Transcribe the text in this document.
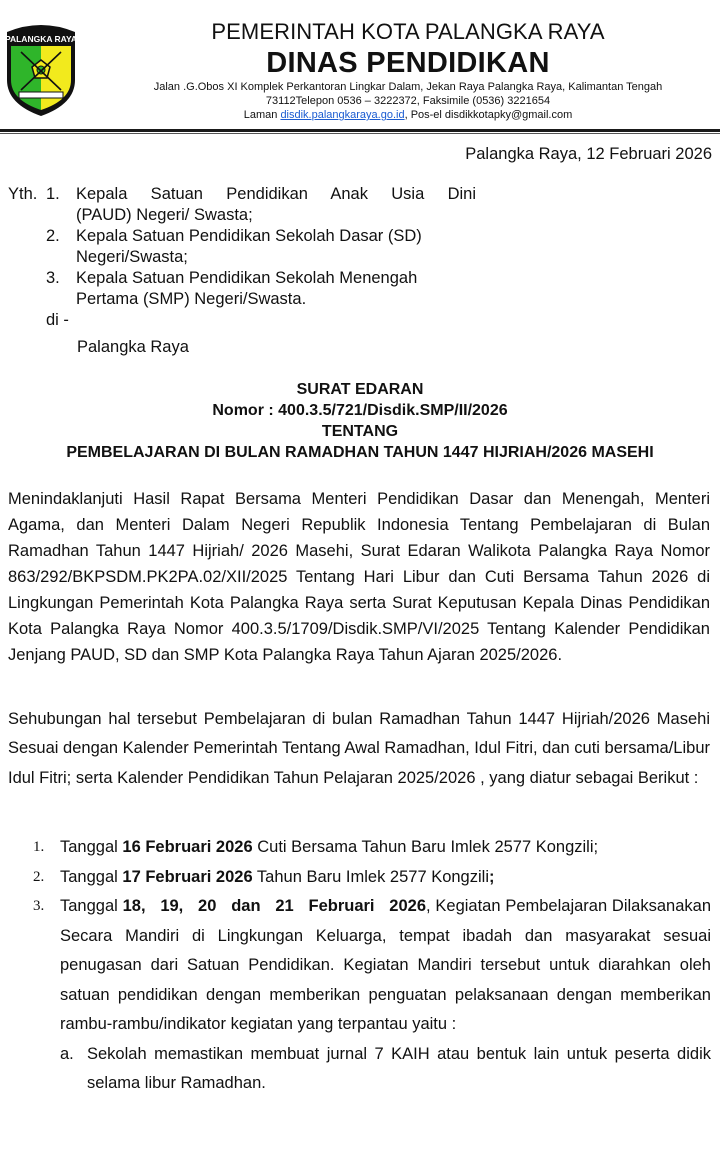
PALANGKA RAYA	PEMERINTAH KOTA PALANGKA RAYA
DINAS PENDIDIKAN
Jalan .G.Obos XI Komplek Perkantoran Lingkar Dalam, Jekan Raya Palangka Raya, Kalimantan Tengah
73112Telepon 0536 – 3222372, Faksimile (0536) 3221654
Laman disdik.palangkaraya.go.id, Pos-el disdikkotapky@gmail.com
Palangka Raya, 12 Februari 2026
Yth. 1. Kepala Satuan Pendidikan Anak Usia Dini
(PAUD) Negeri/ Swasta;
2. Kepala Satuan Pendidikan Sekolah Dasar (SD)
Negeri/Swasta;
3. Kepala Satuan Pendidikan Sekolah Menengah
Pertama (SMP) Negeri/Swasta.
di -
Palangka Raya
SURAT EDARAN
Nomor : 400.3.5/721/Disdik.SMP/II/2026
TENTANG
PEMBELAJARAN DI BULAN RAMADHAN TAHUN 1447 HIJRIAH/2026 MASEHI
Menindaklanjuti Hasil Rapat Bersama Menteri Pendidikan Dasar dan Menengah, Menteri Agama, dan Menteri Dalam Negeri Republik Indonesia Tentang Pembelajaran di Bulan Ramadhan Tahun 1447 Hijriah/ 2026 Masehi, Surat Edaran Walikota Palangka Raya Nomor 863/292/BKPSDM.PK2PA.02/XII/2025 Tentang Hari Libur dan Cuti Bersama Tahun 2026 di Lingkungan Pemerintah Kota Palangka Raya serta Surat Keputusan Kepala Dinas Pendidikan Kota Palangka Raya Nomor 400.3.5/1709/Disdik.SMP/VI/2025 Tentang Kalender Pendidikan Jenjang PAUD, SD dan SMP Kota Palangka Raya Tahun Ajaran 2025/2026.
Sehubungan hal tersebut Pembelajaran di bulan Ramadhan Tahun 1447 Hijriah/2026 Masehi Sesuai dengan Kalender Pemerintah Tentang Awal Ramadhan, Idul Fitri, dan cuti bersama/Libur Idul Fitri; serta Kalender Pendidikan Tahun Pelajaran 2025/2026 , yang diatur sebagai Berikut :
1. Tanggal 16 Februari 2026 Cuti Bersama Tahun Baru Imlek 2577 Kongzili;
2. Tanggal 17 Februari 2026 Tahun Baru Imlek 2577 Kongzili;
3. Tanggal 18, 19, 20 dan 21 Februari 2026, Kegiatan Pembelajaran Dilaksanakan Secara Mandiri di Lingkungan Keluarga, tempat ibadah dan masyarakat sesuai penugasan dari Satuan Pendidikan. Kegiatan Mandiri tersebut untuk diarahkan oleh satuan pendidikan dengan memberikan penguatan pelaksanaan dengan memberikan rambu-rambu/indikator kegiatan yang terpantau yaitu :
a. Sekolah memastikan membuat jurnal 7 KAIH atau bentuk lain untuk peserta didik selama libur Ramadhan.
